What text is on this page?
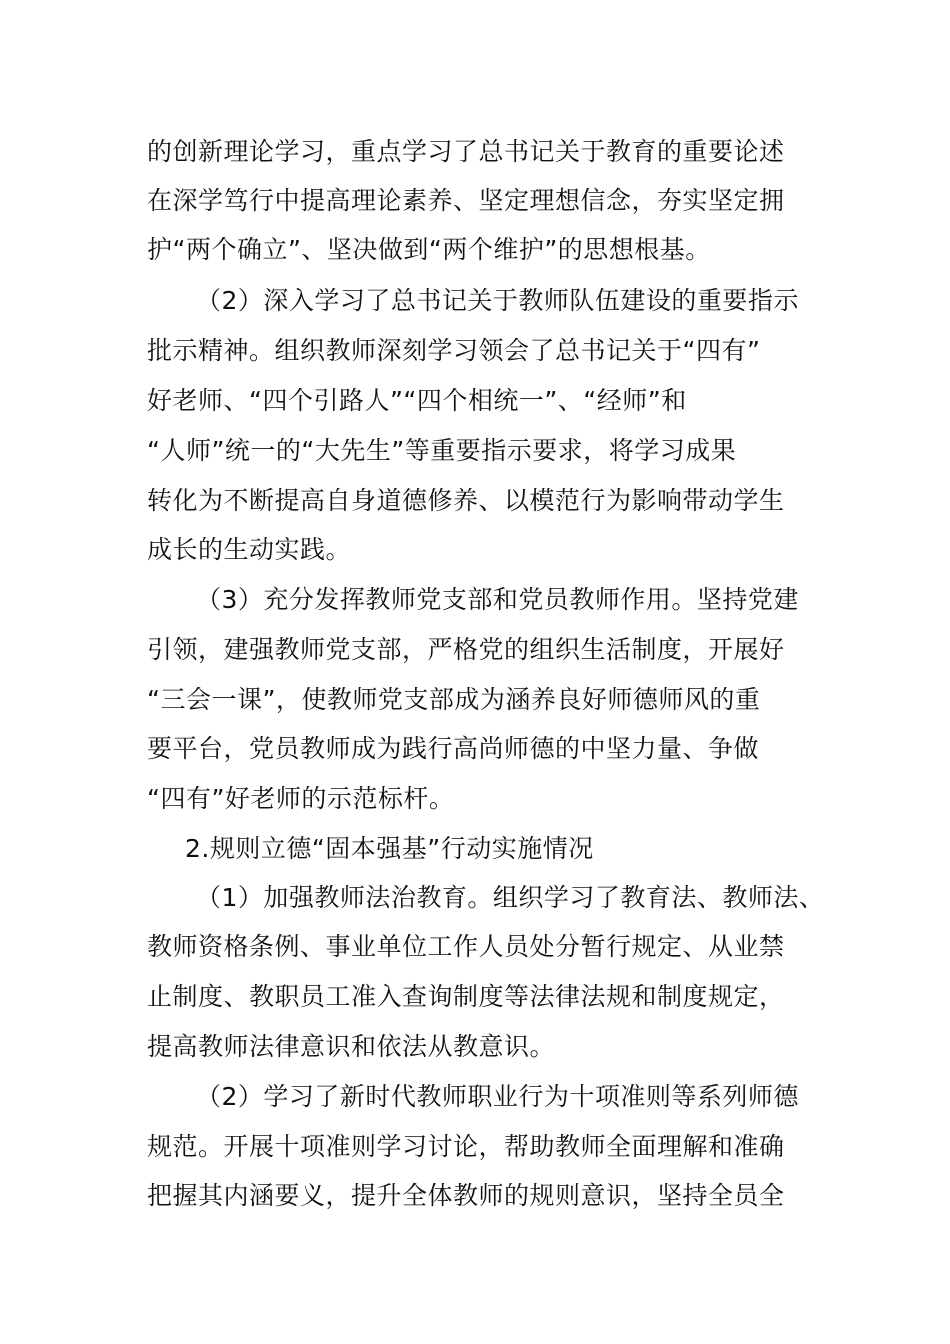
的创新理论学习，重点学习了总书记关于教育的重要论述

在深学笃行中提高理论素养、坚定理想信念，夯实坚定拥

护“两个确立”、坚决做到“两个维护”的思想根基。

（2）深入学习了总书记关于教师队伍建设的重要指示

批示精神。组织教师深刻学习领会了总书记关于“四有”

好老师、“四个引路人”“四个相统一”、“经师”和

“人师”统一的“大先生”等重要指示要求，将学习成果

转化为不断提高自身道德修养、以模范行为影响带动学生

成长的生动实践。

（3）充分发挥教师党支部和党员教师作用。坚持党建

引领，建强教师党支部，严格党的组织生活制度，开展好

“三会一课”，使教师党支部成为涵养良好师德师风的重

要平台，党员教师成为践行高尚师德的中坚力量、争做

“四有”好老师的示范标杆。

2.规则立德“固本强基”行动实施情况

（1）加强教师法治教育。组织学习了教育法、教师法、

教师资格条例、事业单位工作人员处分暂行规定、从业禁

止制度、教职员工准入查询制度等法律法规和制度规定，

提高教师法律意识和依法从教意识。

（2）学习了新时代教师职业行为十项准则等系列师德

规范。开展十项准则学习讨论，帮助教师全面理解和准确

把握其内涵要义，提升全体教师的规则意识，坚持全员全
